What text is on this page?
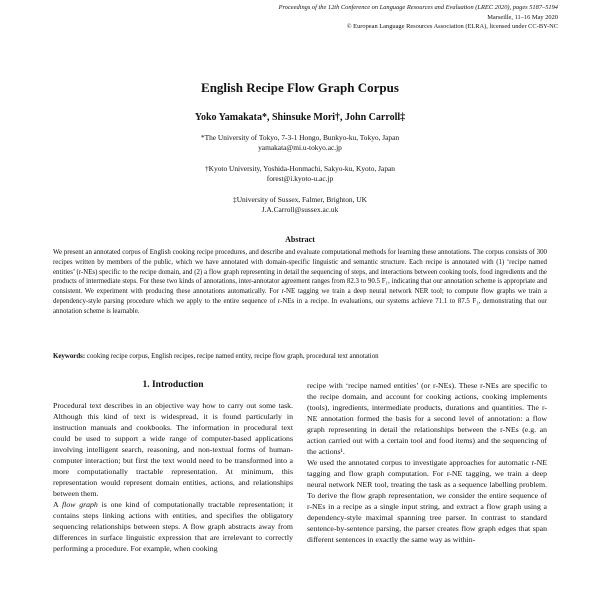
Proceedings of the 12th Conference on Language Resources and Evaluation (LREC 2020), pages 5187–5194
Marseille, 11–16 May 2020
© European Language Resources Association (ELRA), licensed under CC-BY-NC
English Recipe Flow Graph Corpus
Yoko Yamakata*, Shinsuke Mori†, John Carroll‡
*The University of Tokyo, 7-3-1 Hongo, Bunkyo-ku, Tokyo, Japan
yamakata@mi.u-tokyo.ac.jp
†Kyoto University, Yoshida-Honmachi, Sakyo-ku, Kyoto, Japan
forest@i.kyoto-u.ac.jp
‡University of Sussex, Falmer, Brighton, UK
J.A.Carroll@sussex.ac.uk
Abstract
We present an annotated corpus of English cooking recipe procedures, and describe and evaluate computational methods for learning these annotations. The corpus consists of 300 recipes written by members of the public, which we have annotated with domain-specific linguistic and semantic structure. Each recipe is annotated with (1) ‘recipe named entities’ (r-NEs) specific to the recipe domain, and (2) a flow graph representing in detail the sequencing of steps, and interactions between cooking tools, food ingredients and the products of intermediate steps. For these two kinds of annotations, inter-annotator agreement ranges from 82.3 to 90.5 F₁, indicating that our annotation scheme is appropriate and consistent. We experiment with producing these annotations automatically. For r-NE tagging we train a deep neural network NER tool; to compute flow graphs we train a dependency-style parsing procedure which we apply to the entire sequence of r-NEs in a recipe. In evaluations, our systems achieve 71.1 to 87.5 F₁, demonstrating that our annotation scheme is learnable.
Keywords: cooking recipe corpus, English recipes, recipe named entity, recipe flow graph, procedural text annotation
1. Introduction

Procedural text describes in an objective way how to carry out some task. Although this kind of text is widespread, it is found particularly in instruction manuals and cookbooks. The information in procedural text could be used to support a wide range of computer-based applications involving intelligent search, reasoning, and non-textual forms of human-computer interaction; but first the text would need to be transformed into a more computationally tractable representation. At minimum, this representation would represent domain entities, actions, and relationships between them.

A flow graph is one kind of computationally tractable representation; it contains steps linking actions with entities, and specifies the obligatory sequencing relationships between steps. A flow graph abstracts away from differences in surface linguistic expression that are irrelevant to correctly performing a procedure. For example, when cooking

recipe with ‘recipe named entities’ (or r-NEs). These r-NEs are specific to the recipe domain, and account for cooking actions, cooking implements (tools), ingredients, intermediate products, durations and quantities. The r-NE annotation formed the basis for a second level of annotation: a flow graph representing in detail the relationships between the r-NEs (e.g. an action carried out with a certain tool and food items) and the sequencing of the actions¹.

We used the annotated corpus to investigate approaches for automatic r-NE tagging and flow graph computation. For r-NE tagging, we train a deep neural network NER tool, treating the task as a sequence labelling problem. To derive the flow graph representation, we consider the entire sequence of r-NEs in a recipe as a single input string, and extract a flow graph using a dependency-style maximal spanning tree parser. In contrast to standard sentence-by-sentence parsing, the parser creates flow graph edges that span different sentences in exactly the same way as within-
